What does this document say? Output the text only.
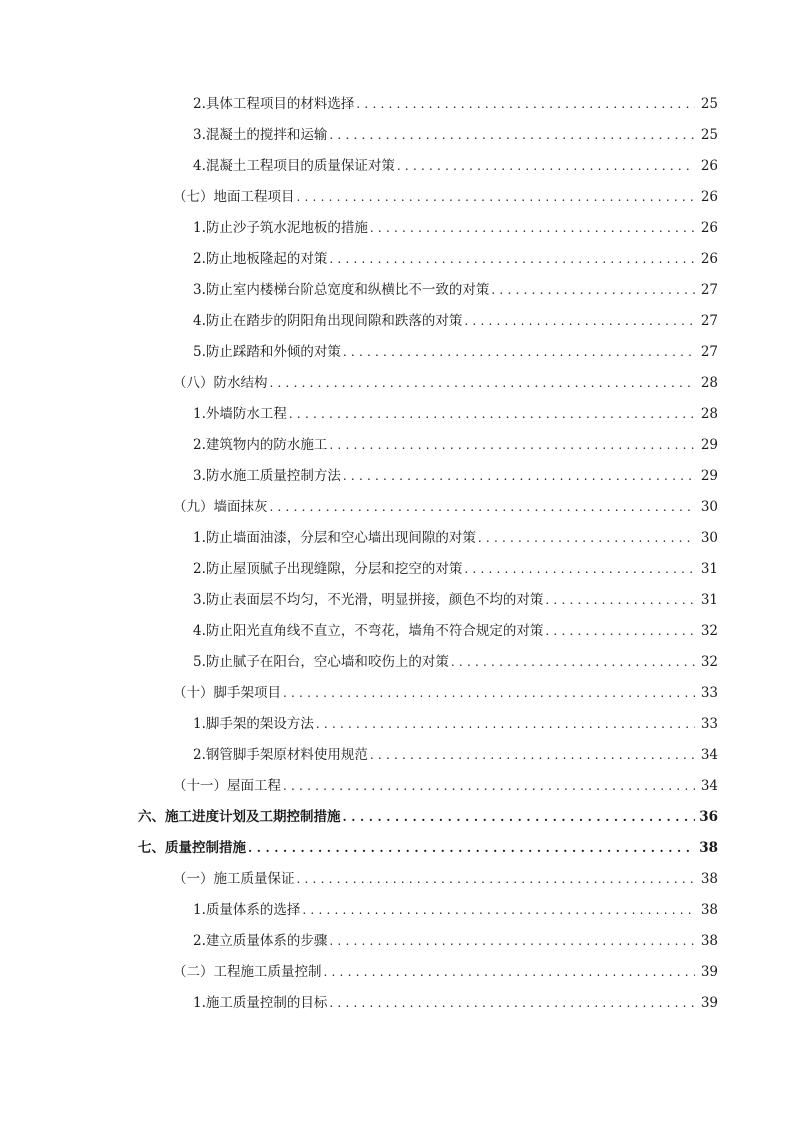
2.具体工程项目的材料选择 . . .	25
3.混凝土的搅拌和运输 . . .	25
4.混凝土工程项目的质量保证对策 . . .	26
（七）地面工程项目 . . .	26
1.防止沙子筑水泥地板的措施 . . .	26
2.防止地板隆起的对策 . . .	26
3.防止室内楼梯台阶总宽度和纵横比不一致的对策 . . .	27
4.防止在踏步的阴阳角出现间隙和跌落的对策 . . .	27
5.防止踩踏和外倾的对策 . . .	27
（八）防水结构 . . .	28
1.外墙防水工程 . . .	28
2.建筑物内的防水施工 . . .	29
3.防水施工质量控制方法 . . .	29
（九）墙面抹灰 . . .	30
1.防止墙面油漆，分层和空心墙出现间隙的对策 . . .	30
2.防止屋顶腻子出现缝隙，分层和挖空的对策 . . .	31
3.防止表面层不均匀，不光滑，明显拼接，颜色不均的对策 . . .	31
4.防止阳光直角线不直立，不弯花，墙角不符合规定的对策 . . .	32
5.防止腻子在阳台，空心墙和咬伤上的对策 . . .	32
（十）脚手架项目 . . .	33
1.脚手架的架设方法 . . .	33
2.钢管脚手架原材料使用规范 . . .	34
（十一）屋面工程 . . .	34
六、施工进度计划及工期控制措施 . . .	36
七、质量控制措施 . . .	38
（一）施工质量保证 . . .	38
1.质量体系的选择 . . .	38
2.建立质量体系的步骤 . . .	38
（二）工程施工质量控制 . . .	39
1.施工质量控制的目标 . . .	39
